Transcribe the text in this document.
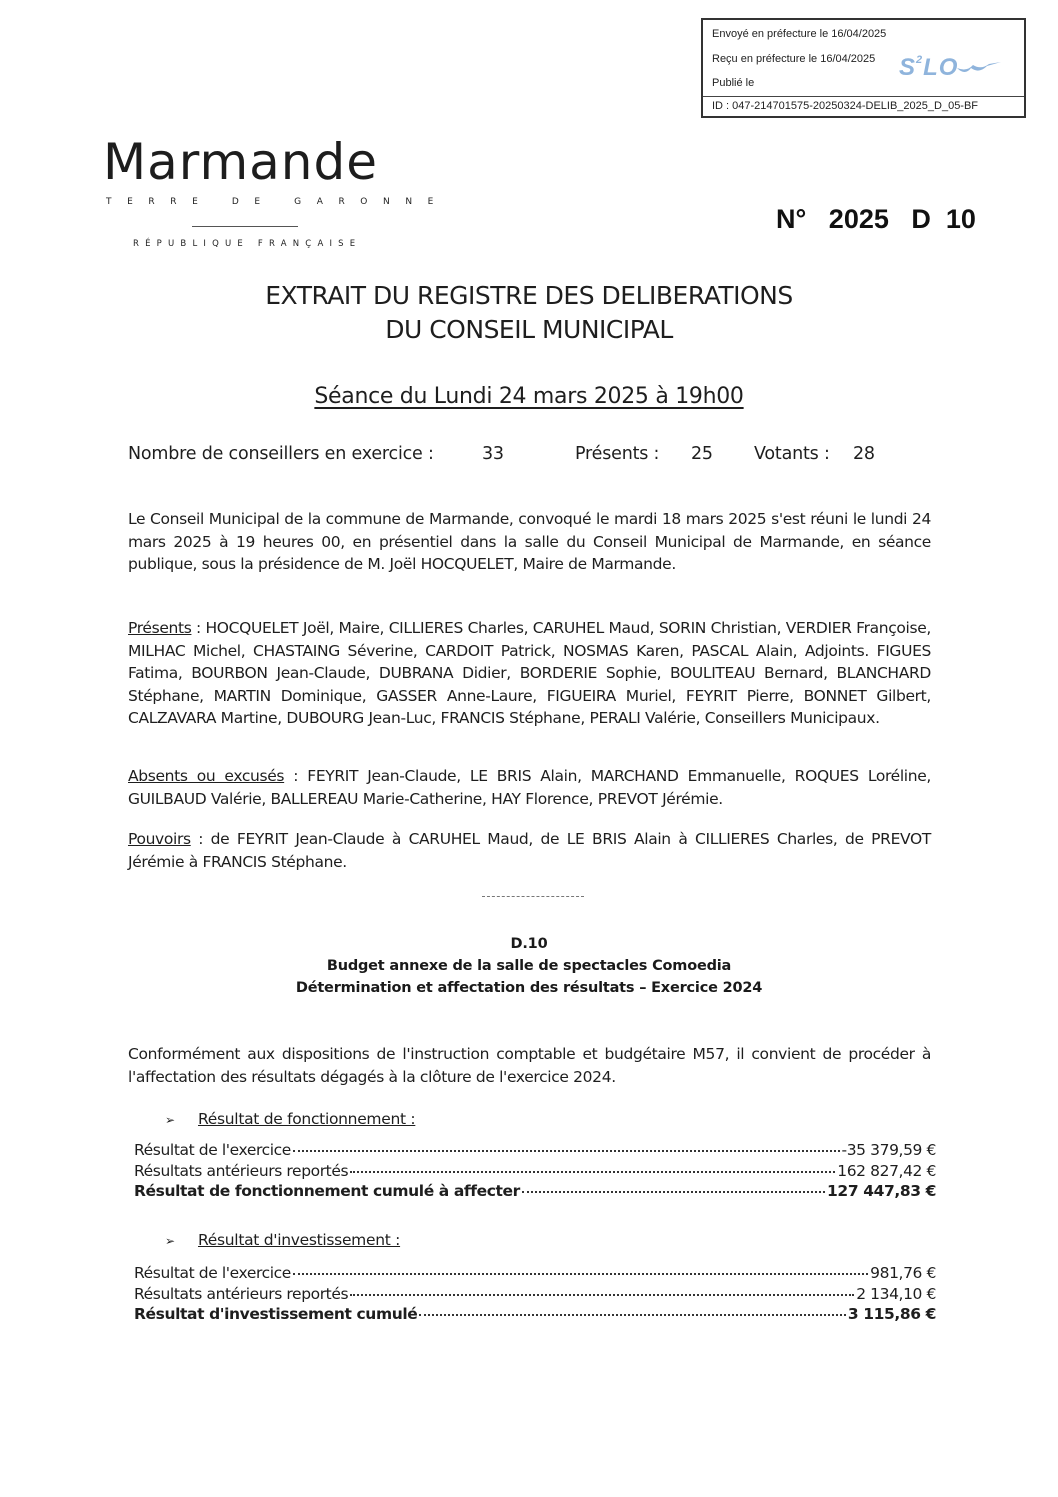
Envoyé en préfecture le 16/04/2025
Reçu en préfecture le 16/04/2025
Publié le
ID : 047-214701575-20250324-DELIB_2025_D_05-BF
$S^2LO$
Marmande
TERRE DE GARONNE
RÉPUBLIQUE FRANÇAISE
N°   2025   D  10
EXTRAIT DU REGISTRE DES DELIBERATIONS
DU CONSEIL MUNICIPAL
Séance du Lundi 24 mars 2025 à 19h00
Nombre de conseillers en exercice :	33	Présents : 25 Votants : 28
Le Conseil Municipal de la commune de Marmande, convoqué le mardi 18 mars 2025 s'est réuni le lundi 24 mars 2025 à 19 heures 00, en présentiel dans la salle du Conseil Municipal de Marmande, en séance publique, sous la présidence de M. Joël HOCQUELET, Maire de Marmande.
Présents : HOCQUELET Joël, Maire, CILLIERES Charles, CARUHEL Maud, SORIN Christian, VERDIER Françoise, MILHAC Michel, CHASTAING Séverine, CARDOIT Patrick, NOSMAS Karen, PASCAL Alain, Adjoints. FIGUES Fatima, BOURBON Jean-Claude, DUBRANA Didier, BORDERIE Sophie, BOULITEAU Bernard, BLANCHARD Stéphane, MARTIN Dominique, GASSER Anne-Laure, FIGUEIRA Muriel, FEYRIT Pierre, BONNET Gilbert, CALZAVARA Martine, DUBOURG Jean-Luc, FRANCIS Stéphane, PERALI Valérie, Conseillers Municipaux.
Absents ou excusés : FEYRIT Jean-Claude, LE BRIS Alain, MARCHAND Emmanuelle, ROQUES Loréline, GUILBAUD Valérie, BALLEREAU Marie-Catherine, HAY Florence, PREVOT Jérémie.
Pouvoirs : de FEYRIT Jean-Claude à CARUHEL Maud, de LE BRIS Alain à CILLIERES Charles, de PREVOT Jérémie à FRANCIS Stéphane.
D.10
Budget annexe de la salle de spectacles Comoedia
Détermination et affectation des résultats – Exercice 2024
Conformément aux dispositions de l'instruction comptable et budgétaire M57, il convient de procéder à l'affectation des résultats dégagés à la clôture de l'exercice 2024.
➢ Résultat de fonctionnement :
Résultat de l'exercice	-35 379,59 €
Résultats antérieurs reportés	162 827,42 €
Résultat de fonctionnement cumulé à affecter	127 447,83 €
➢ Résultat d'investissement :
Résultat de l'exercice	981,76 €
Résultats antérieurs reportés	2 134,10 €
Résultat d'investissement cumulé	3 115,86 €
